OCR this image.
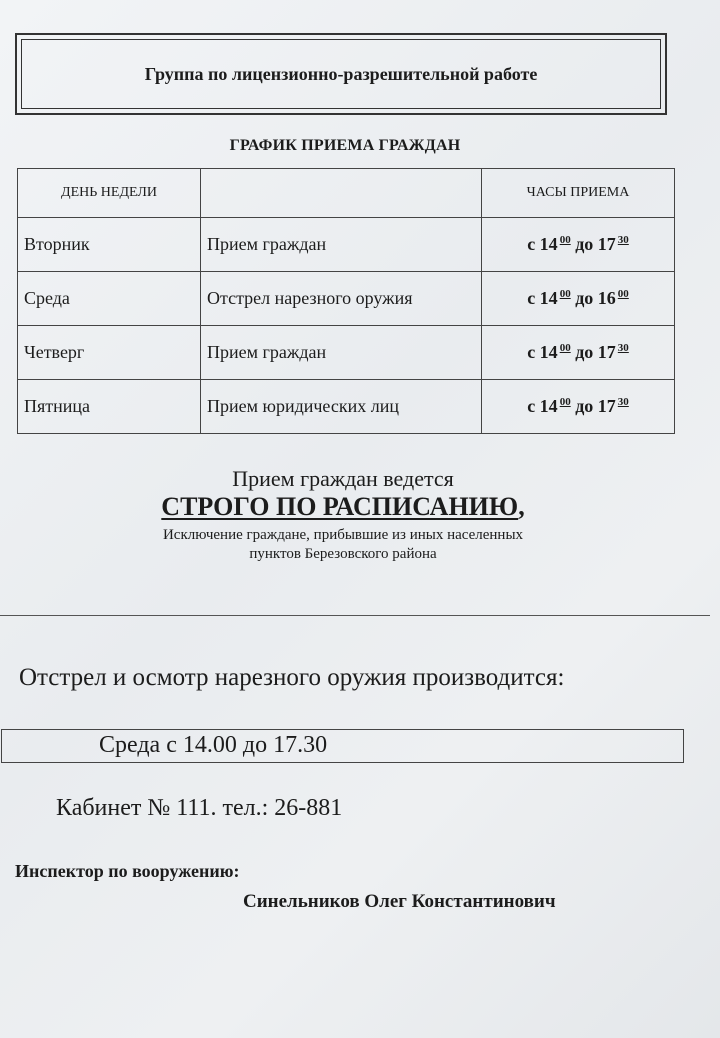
Группа по лицензионно-разрешительной работе
ГРАФИК ПРИЕМА ГРАЖДАН
ДЕНЬ НЕДЕЛИ		ЧАСЫ ПРИЕМА
Вторник	Прием граждан	с 14 $^{00}$ до 17 $^{30}$
Среда	Отстрел нарезного оружия	с 14 $^{00}$ до 16 $^{00}$
Четверг	Прием граждан	с 14 $^{00}$ до 17 $^{30}$
Пятница	Прием юридических лиц	с 14 $^{00}$ до 17 $^{30}$
Прием граждан ведется
СТРОГО ПО РАСПИСАНИЮ,
Исключение граждане, прибывшие из иных населенных
пунктов Березовского района
Отстрел и осмотр нарезного оружия производится:
Среда с 14.00 до 17.30
Кабинет № 111. тел.: 26-881
Инспектор по вооружению:
Синельников Олег Константинович
